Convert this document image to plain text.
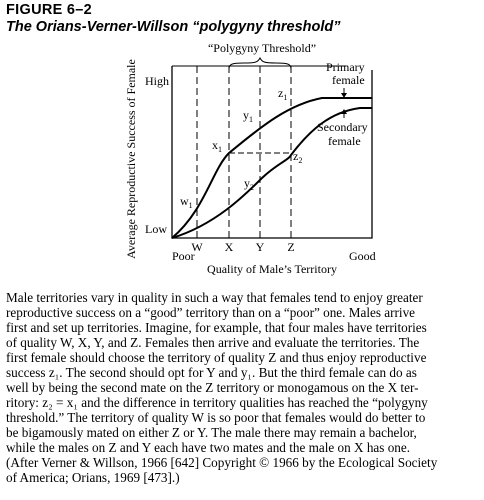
FIGURE 6–2
The Orians-Verner-Willson “polygyny threshold”
“Polygyny Threshold”
$w_1$
$x_1$
$y_1$
$z_1$
$y_2$
$z_2$
W X Y Z
High
Low
Poor	Good
Quality of Male’s Territory
Average Reproductive Success of Female	Primary
female
Secondary
female
Male territories vary in quality in such a way that females tend to enjoy greater
reproductive success on a “good” territory than on a “poor” one. Males arrive
first and set up territories. Imagine, for example, that four males have territories
of quality W, X, Y, and Z. Females then arrive and evaluate the territories. The
first female should choose the territory of quality Z and thus enjoy reproductive
success z₁. The second should opt for Y and y₁. But the third female can do as
well by being the second mate on the Z territory or monogamous on the X ter-
ritory: z₂ = x₁ and the difference in territory qualities has reached the “polygyny
threshold.” The territory of quality W is so poor that females would do better to
be bigamously mated on either Z or Y. The male there may remain a bachelor,
while the males on Z and Y each have two mates and the male on X has one.
(After Verner & Willson, 1966 [642] Copyright © 1966 by the Ecological Society
of America; Orians, 1969 [473].)
